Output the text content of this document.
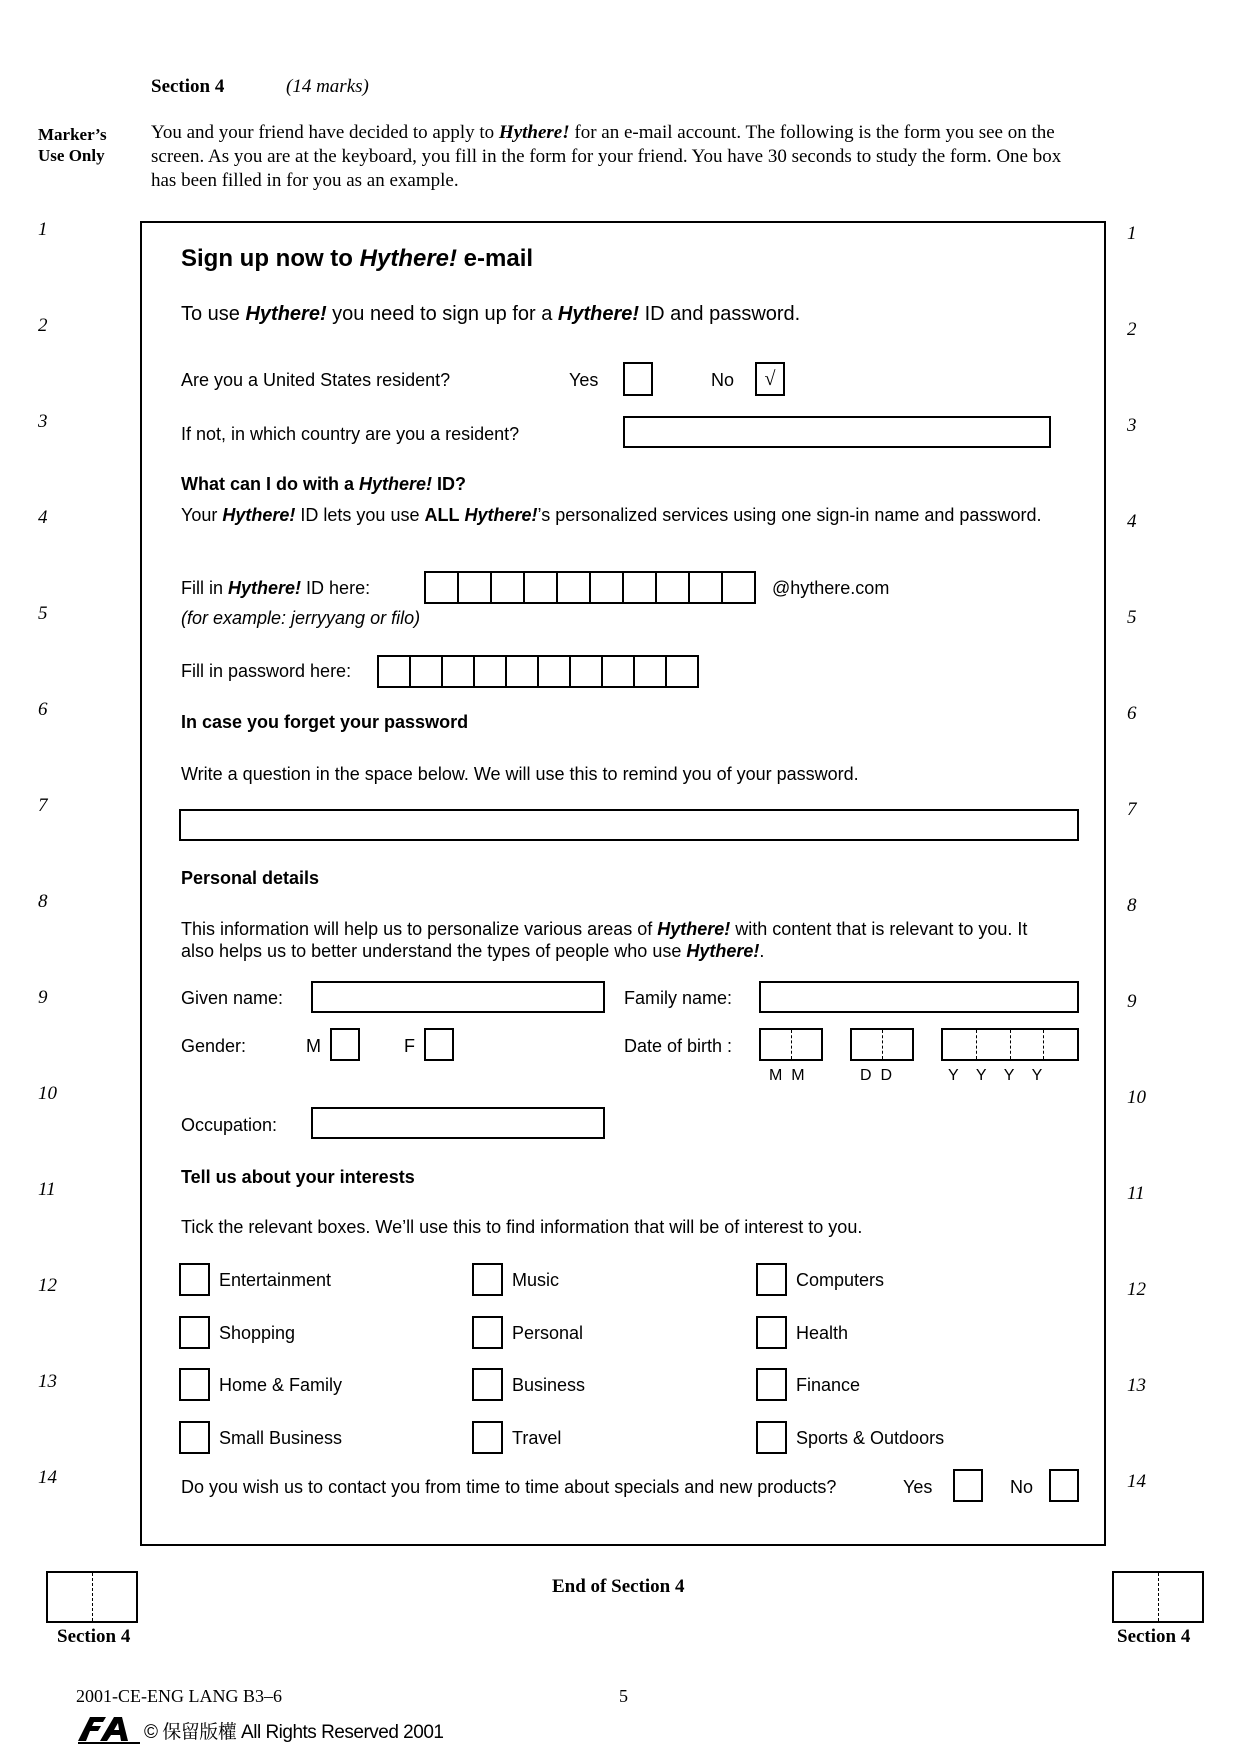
Section 4	(14 marks)
Marker’s
Use Only
You and your friend have decided to apply to Hythere! for an e-mail account. The following is the form you see on the screen. As you are at the keyboard, you fill in the form for your friend. You have 30 seconds to study the form. One box has been filled in for you as an example.
1
2
3
4
5
6
7
8
9
10
11
12
13
14
1
2
3
4
5
6
7
8
9
10
11
12
13
14
Sign up now to Hythere! e-mail
To use Hythere! you need to sign up for a Hythere! ID and password.
Are you a United States resident?	Yes	No √
If not, in which country are you a resident?
What can I do with a Hythere! ID?
Your Hythere! ID lets you use ALL Hythere!’s personalized services using one sign-in name and password.
Fill in Hythere! ID here:	@hythere.com
(for example: jerryyang or filo)
Fill in password here:
In case you forget your password
Write a question in the space below. We will use this to remind you of your password.
Personal details
This information will help us to personalize various areas of Hythere! with content that is relevant to you. It also helps us to better understand the types of people who use Hythere!.
Given name:	Family name:
Gender:	M	F	Date of birth :
M  M	D  D	Y    Y    Y    Y
Occupation:
Tell us about your interests
Tick the relevant boxes. We’ll use this to find information that will be of interest to you.
Entertainment	Music	Computers
Shopping	Personal	Health
Home & Family	Business	Finance
Small Business	Travel	Sports & Outdoors
Do you wish us to contact you from time to time about specials and new products?	Yes	No
End of Section 4
Section 4	Section 4
2001-CE-ENG LANG B3–6	5
© 保留版權 All Rights Reserved 2001
